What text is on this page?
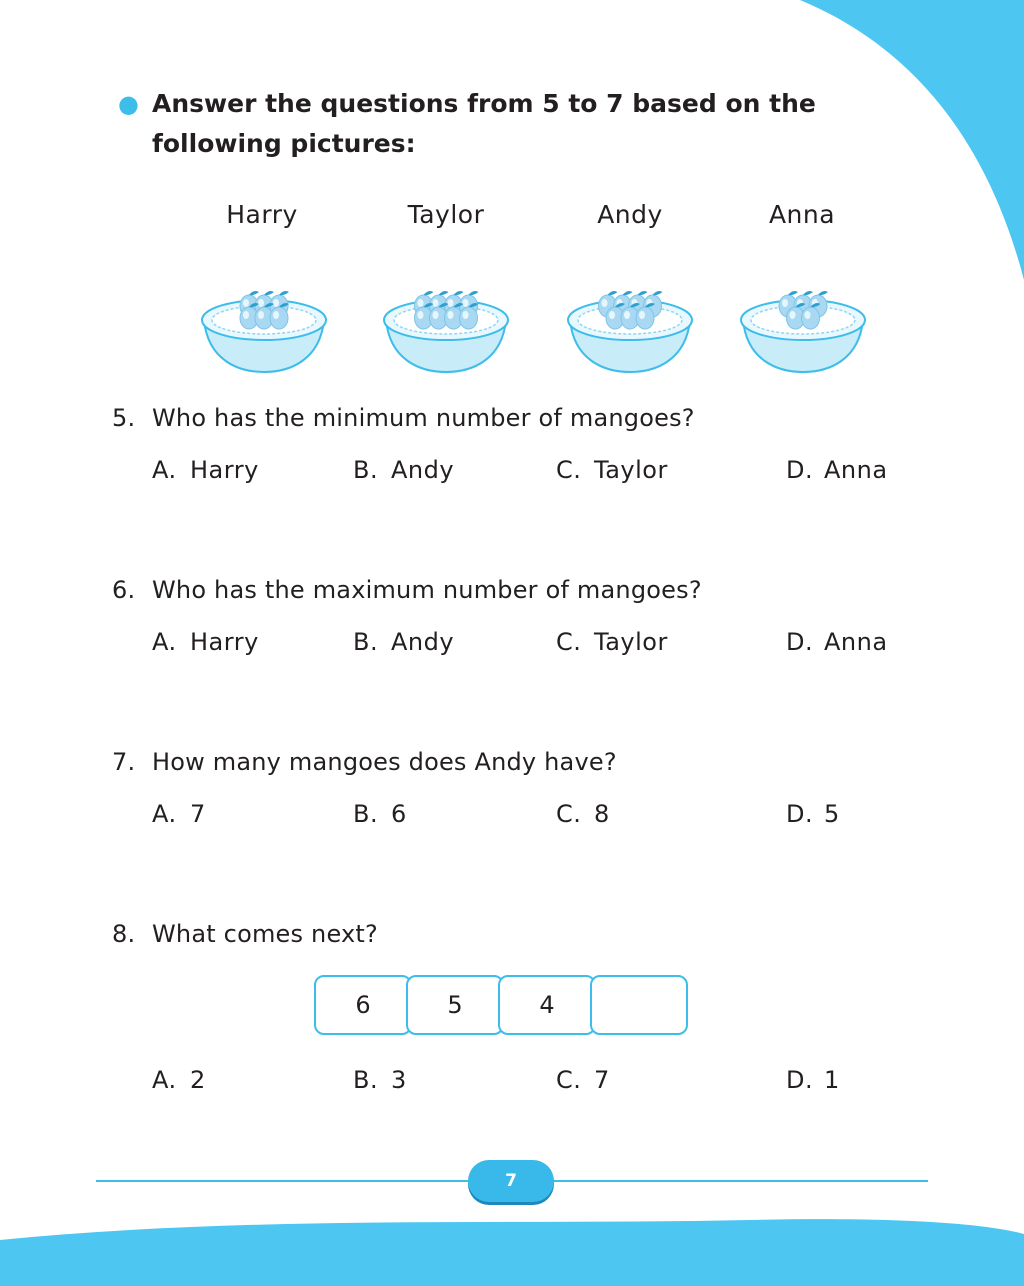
● Answer the questions from 5 to 7 based on the following pictures:
Harry	Taylor	Andy	Anna
5. Who has the minimum number of mangoes?
A. Harry	B. Andy	C. Taylor	D. Anna
6. Who has the maximum number of mangoes?
A. Harry	B. Andy	C. Taylor	D. Anna
7. How many mangoes does Andy have?
A. 7	B. 6	C. 8	D. 5
8. What comes next?
6	5	4
A. 2	B. 3	C. 7	D. 1
7
